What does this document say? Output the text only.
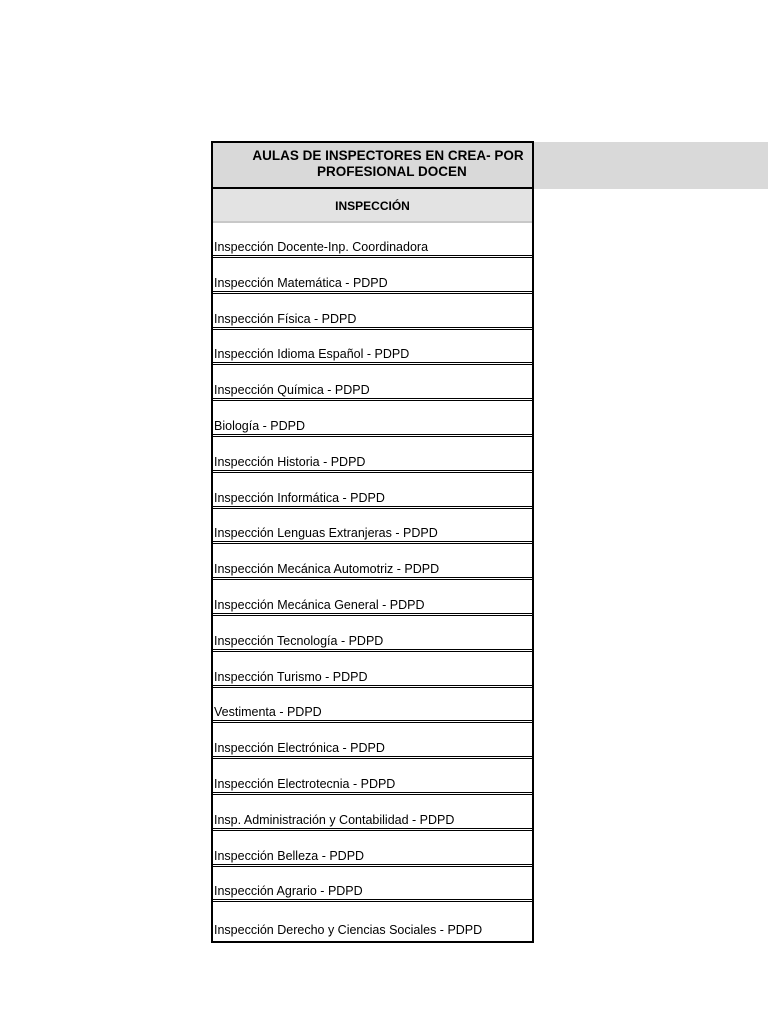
AULAS DE INSPECTORES EN CREA- POR
PROFESIONAL DOCEN
INSPECCIÓN
Inspección Docente-Inp. Coordinadora
Inspección Matemática - PDPD
Inspección Física - PDPD
Inspección Idioma Español - PDPD
Inspección Química - PDPD
Biología - PDPD
Inspección Historia - PDPD
Inspección Informática - PDPD
Inspección Lenguas Extranjeras - PDPD
Inspección Mecánica Automotriz - PDPD
Inspección Mecánica General - PDPD
Inspección Tecnología - PDPD
Inspección Turismo - PDPD
Vestimenta - PDPD
Inspección Electrónica - PDPD
Inspección Electrotecnia - PDPD
Insp. Administración y Contabilidad - PDPD
Inspección Belleza - PDPD
Inspección Agrario - PDPD
Inspección Derecho y Ciencias Sociales - PDPD
